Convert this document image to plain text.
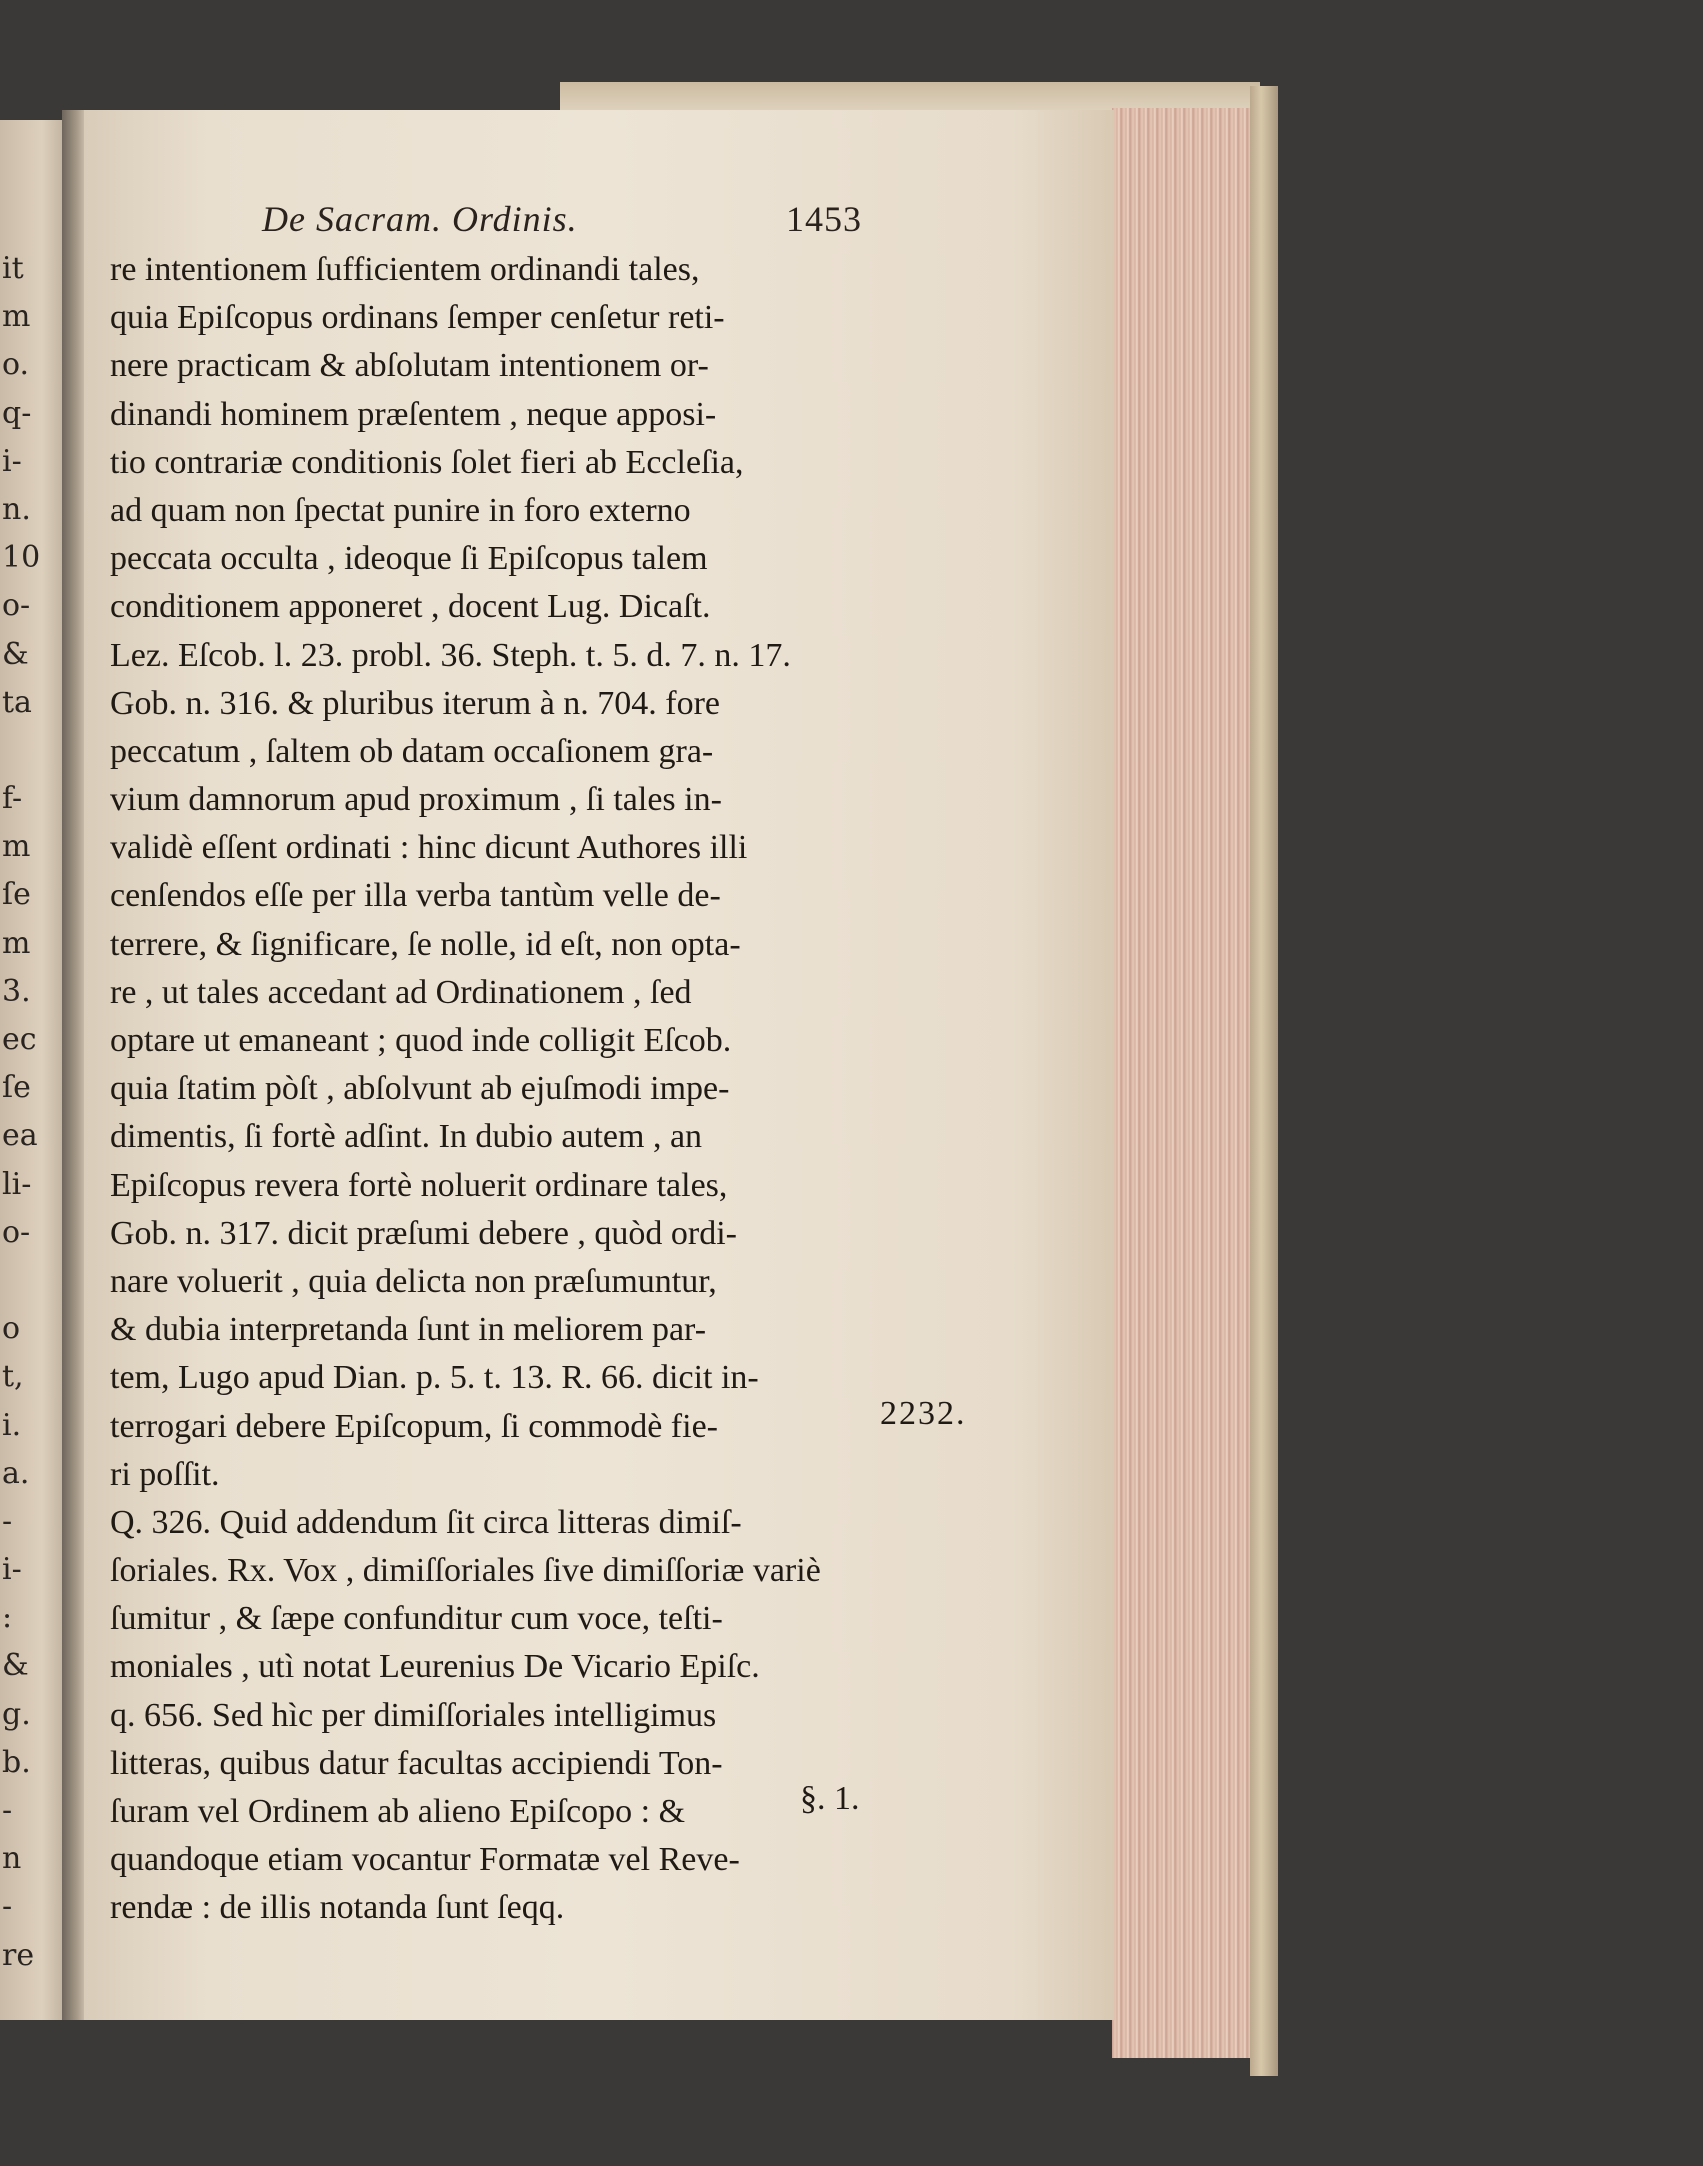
it
m
o.
q-
i-
n.
10
o-
&
ta
f-
m
ſe
m
3.
ec
ſe
ea
li-
o-
o
t,
i.
a.
-
i-
:
&
g.
b.
-
n
-
re
De Sacram. Ordinis.	1453
re intentionem ſufficientem ordinandi tales,
quia Epiſcopus ordinans ſemper cenſetur reti-
nere practicam & abſolutam intentionem or-
dinandi hominem præſentem , neque apposi-
tio contrariæ conditionis ſolet fieri ab Eccleſia,
ad quam non ſpectat punire in foro externo
peccata occulta , ideoque ſi Epiſcopus talem
conditionem apponeret , docent Lug. Dicaſt.
Lez. Eſcob. l. 23. probl. 36. Steph. t. 5. d. 7. n. 17.
Gob. n. 316. & pluribus iterum à n. 704. fore
peccatum , ſaltem ob datam occaſionem gra-
vium damnorum apud proximum , ſi tales in-
validè eſſent ordinati : hinc dicunt Authores illi
cenſendos eſſe per illa verba tantùm velle de-
terrere, & ſignificare, ſe nolle, id eſt, non opta-
re , ut tales accedant ad Ordinationem , ſed
optare ut emaneant ; quod inde colligit Eſcob.
quia ſtatim pòſt , abſolvunt ab ejuſmodi impe-
dimentis, ſi fortè adſint. In dubio autem , an
Epiſcopus revera fortè noluerit ordinare tales,
Gob. n. 317. dicit præſumi debere , quòd ordi-
nare voluerit , quia delicta non præſumuntur,
& dubia interpretanda ſunt in meliorem par-
tem, Lugo apud Dian. p. 5. t. 13. R. 66. dicit in-
terrogari debere Epiſcopum, ſi commodè fie-
ri poſſit.
Q. 326. Quid addendum ſit circa litteras dimiſ-
ſoriales. Rx. Vox , dimiſſoriales ſive dimiſſoriæ variè
ſumitur , & ſæpe confunditur cum voce, teſti-
moniales , utì notat Leurenius De Vicario Epiſc.
q. 656. Sed hìc per dimiſſoriales intelligimus
litteras, quibus datur facultas accipiendi Ton-
ſuram vel Ordinem ab alieno Epiſcopo : &
quandoque etiam vocantur Formatæ vel Reve-
rendæ : de illis notanda ſunt ſeqq.
2232.
§. 1.
